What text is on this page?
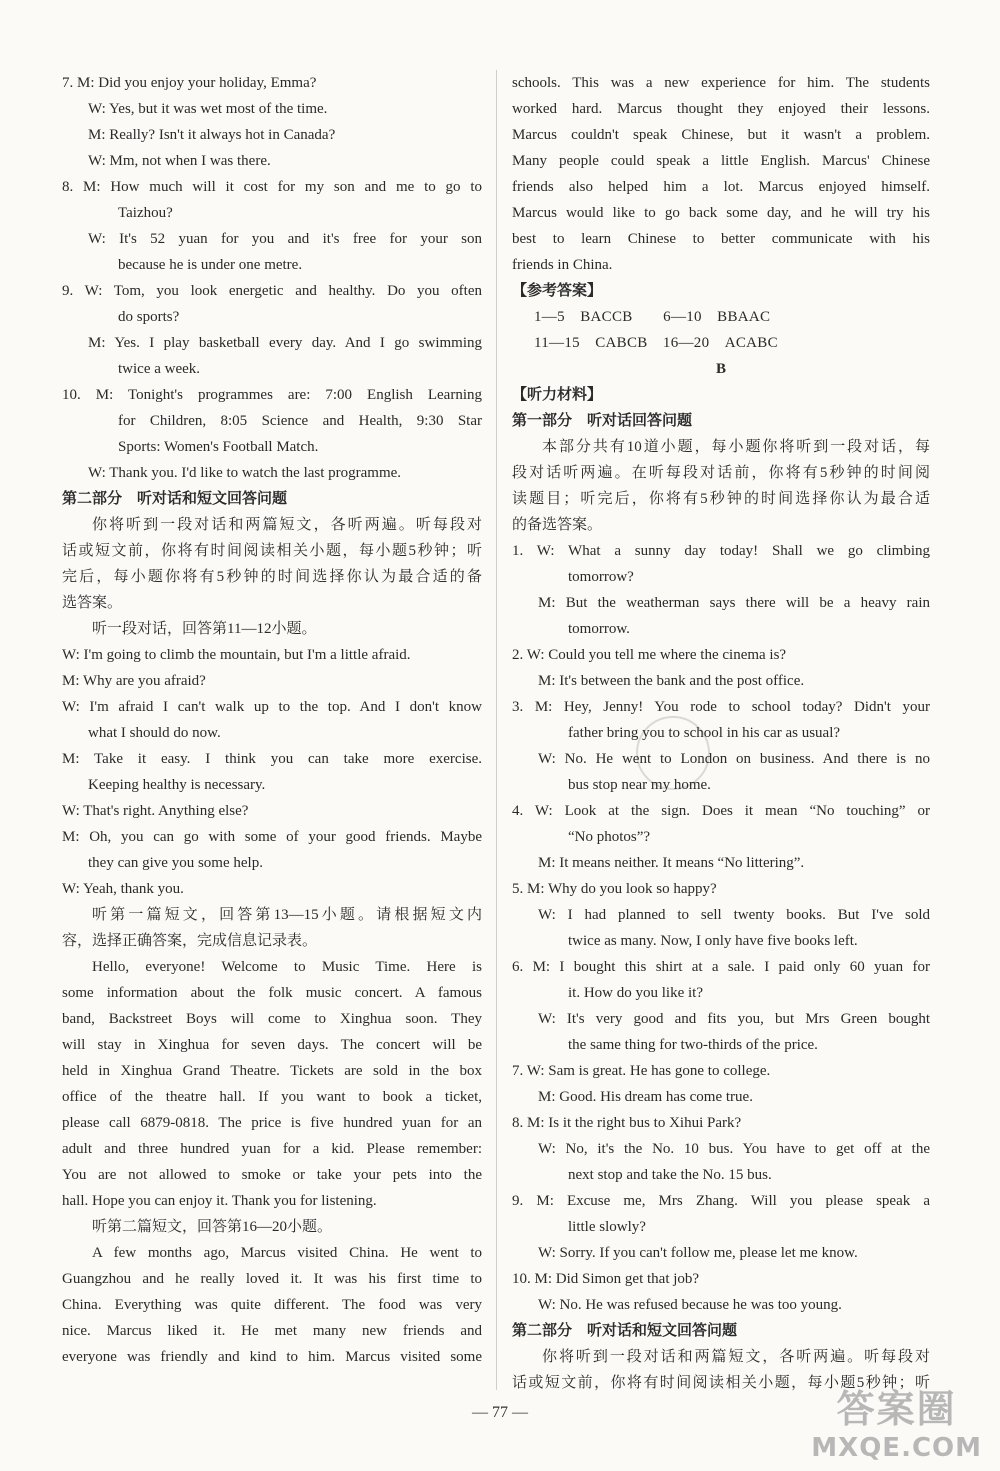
7. M: Did you enjoy your holiday, Emma?
W: Yes, but it was wet most of the time.
M: Really? Isn't it always hot in Canada?
W: Mm, not when I was there.
8. M: How much will it cost for my son and me to go to
Taizhou?
W: It's 52 yuan for you and it's free for your son
because he is under one metre.
9. W: Tom, you look energetic and healthy. Do you often
do sports?
M: Yes. I play basketball every day. And I go swimming
twice a week.
10. M: Tonight's programmes are: 7:00 English Learning
for Children, 8:05 Science and Health, 9:30 Star
Sports: Women's Football Match.
W: Thank you. I'd like to watch the last programme.
第二部分　听对话和短文回答问题
你将听到一段对话和两篇短文，各听两遍。听每段对
话或短文前，你将有时间阅读相关小题，每小题5秒钟；听
完后，每小题你将有5秒钟的时间选择你认为最合适的备
选答案。
听一段对话，回答第11—12小题。
W: I'm going to climb the mountain, but I'm a little afraid.
M: Why are you afraid?
W: I'm afraid I can't walk up to the top. And I don't know
what I should do now.
M: Take it easy. I think you can take more exercise.
Keeping healthy is necessary.
W: That's right. Anything else?
M: Oh, you can go with some of your good friends. Maybe
they can give you some help.
W: Yeah, thank you.
听第一篇短文，回答第13—15小题。请根据短文内
容，选择正确答案，完成信息记录表。
Hello, everyone! Welcome to Music Time. Here is
some information about the folk music concert. A famous
band, Backstreet Boys will come to Xinghua soon. They
will stay in Xinghua for seven days. The concert will be
held in Xinghua Grand Theatre. Tickets are sold in the box
office of the theatre hall. If you want to book a ticket,
please call 6879-0818. The price is five hundred yuan for an
adult and three hundred yuan for a kid. Please remember:
You are not allowed to smoke or take your pets into the
hall. Hope you can enjoy it. Thank you for listening.
听第二篇短文，回答第16—20小题。
A few months ago, Marcus visited China. He went to
Guangzhou and he really loved it. It was his first time to
China. Everything was quite different. The food was very
nice. Marcus liked it. He met many new friends and
everyone was friendly and kind to him. Marcus visited some
schools. This was a new experience for him. The students
worked hard. Marcus thought they enjoyed their lessons.
Marcus couldn't speak Chinese, but it wasn't a problem.
Many people could speak a little English. Marcus' Chinese
friends also helped him a lot. Marcus enjoyed himself.
Marcus would like to go back some day, and he will try his
best to learn Chinese to better communicate with his
friends in China.
【参考答案】
1—5　BACCB　　6—10　BBAAC
11—15　CABCB　16—20　ACABC
B
【听力材料】
第一部分　听对话回答问题
本部分共有10道小题，每小题你将听到一段对话，每
段对话听两遍。在听每段对话前，你将有5秒钟的时间阅
读题目；听完后，你将有5秒钟的时间选择你认为最合适
的备选答案。
1. W: What a sunny day today! Shall we go climbing
tomorrow?
M: But the weatherman says there will be a heavy rain
tomorrow.
2. W: Could you tell me where the cinema is?
M: It's between the bank and the post office.
3. M: Hey, Jenny! You rode to school today? Didn't your
father bring you to school in his car as usual?
W: No. He went to London on business. And there is no
bus stop near my home.
4. W: Look at the sign. Does it mean “No touching” or
“No photos”?
M: It means neither. It means “No littering”.
5. M: Why do you look so happy?
W: I had planned to sell twenty books. But I've sold
twice as many. Now, I only have five books left.
6. M: I bought this shirt at a sale. I paid only 60 yuan for
it. How do you like it?
W: It's very good and fits you, but Mrs Green bought
the same thing for two-thirds of the price.
7. W: Sam is great. He has gone to college.
M: Good. His dream has come true.
8. M: Is it the right bus to Xihui Park?
W: No, it's the No. 10 bus. You have to get off at the
next stop and take the No. 15 bus.
9. M: Excuse me, Mrs Zhang. Will you please speak a
little slowly?
W: Sorry. If you can't follow me, please let me know.
10. M: Did Simon get that job?
W: No. He was refused because he was too young.
第二部分　听对话和短文回答问题
你将听到一段对话和两篇短文，各听两遍。听每段对
话或短文前，你将有时间阅读相关小题，每小题5秒钟；听
— 77 —	答案圈
MXQE.COM
